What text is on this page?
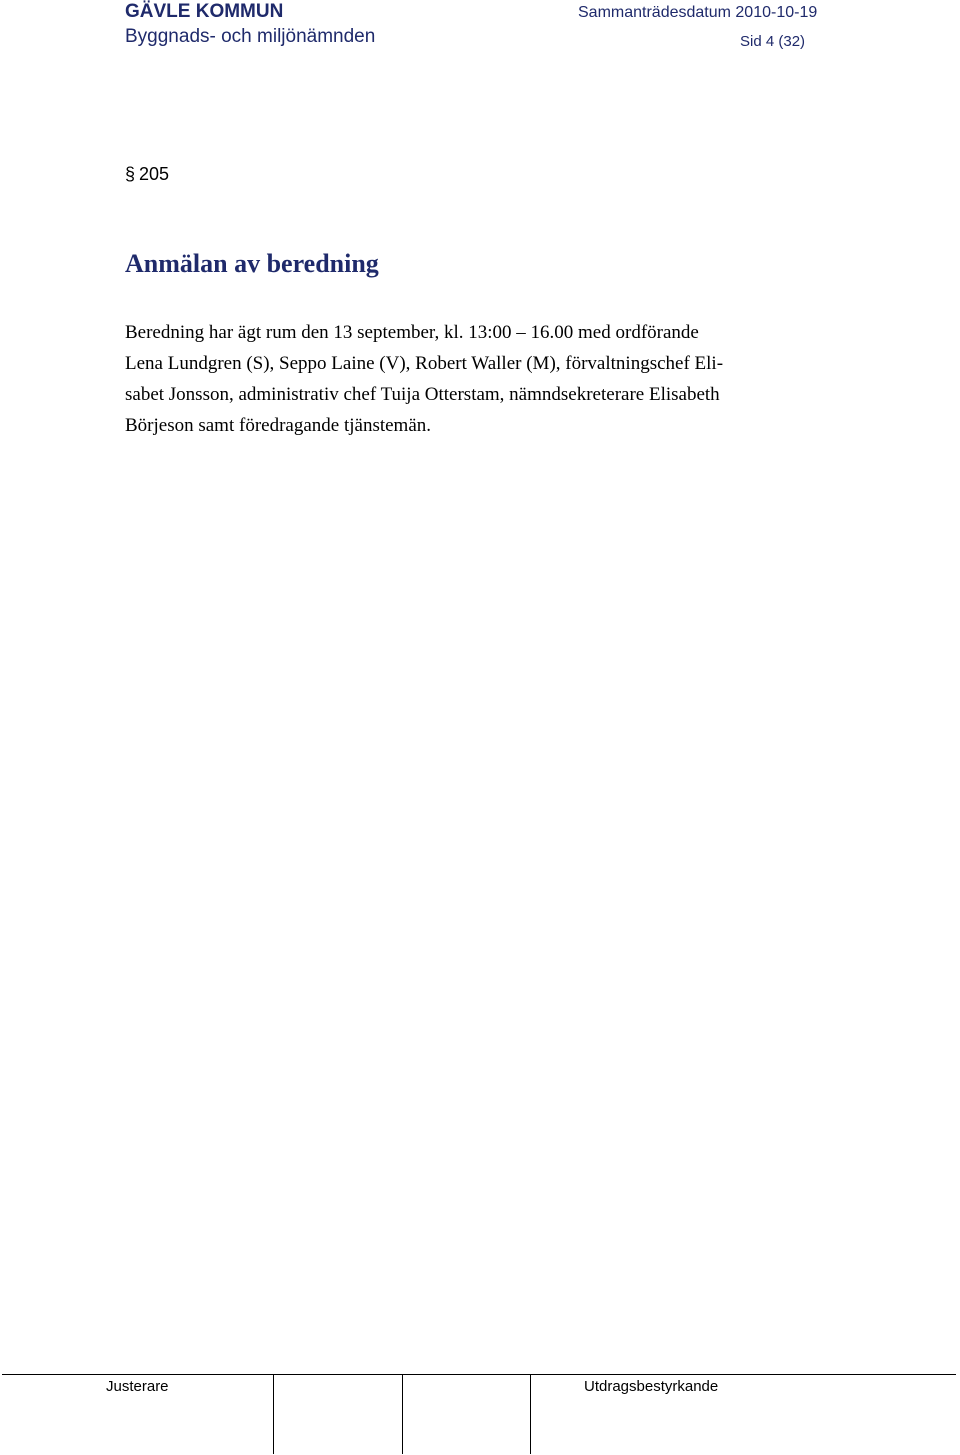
GÄVLE KOMMUN
Byggnads- och miljönämnden
Sammanträdesdatum 2010-10-19
Sid 4 (32)
§ 205
Anmälan av beredning

Beredning har ägt rum den 13 september, kl. 13:00 – 16.00 med ordförande
Lena Lundgren (S), Seppo Laine (V), Robert Waller (M), förvaltningschef Eli-
sabet Jonsson, administrativ chef Tuija Otterstam, nämndsekreterare Elisabeth
Börjeson samt föredragande tjänstemän.

Justerare	Utdragsbestyrkande
